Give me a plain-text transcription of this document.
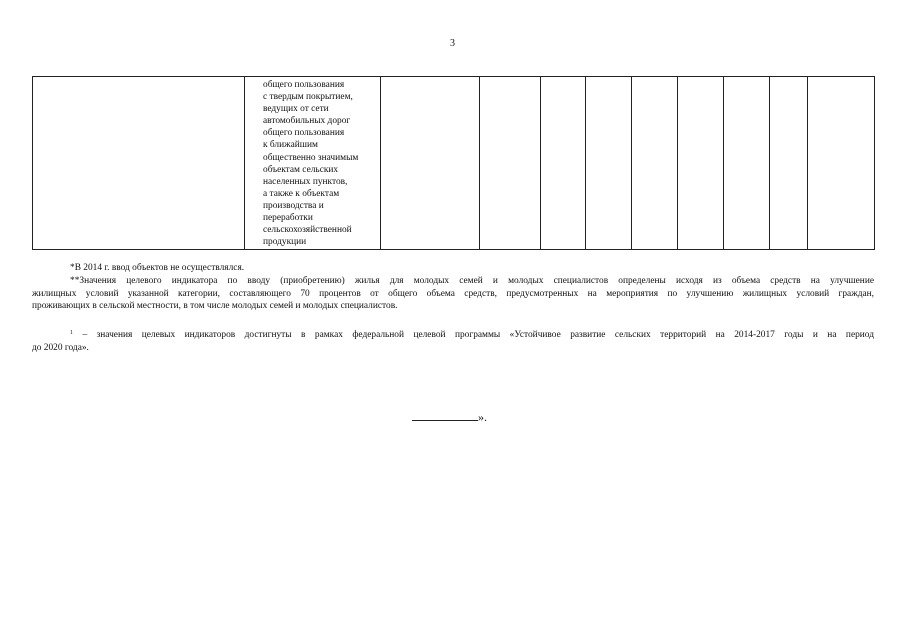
3

общего пользования
с твердым покрытием,
ведущих от сети
автомобильных дорог
общего пользования
к ближайшим
общественно значимым
объектам сельских
населенных пунктов,
а также к объектам
производства и
переработки
сельскохозяйственной
продукции

*В 2014 г. ввод объектов не осуществлялся.
**Значения целевого индикатора по вводу (приобретению) жилья для молодых семей и молодых специалистов определены исходя из объема средств на улучшение
жилищных условий указанной категории, составляющего 70 процентов от общего объема средств, предусмотренных на мероприятия по улучшению жилищных условий граждан,
проживающих в сельской местности, в том числе молодых семей и молодых специалистов.
$^1$ – значения целевых индикаторов достигнуты в рамках федеральной целевой программы «Устойчивое развитие сельских территорий на 2014-2017 годы и на период
до 2020 года».
».
